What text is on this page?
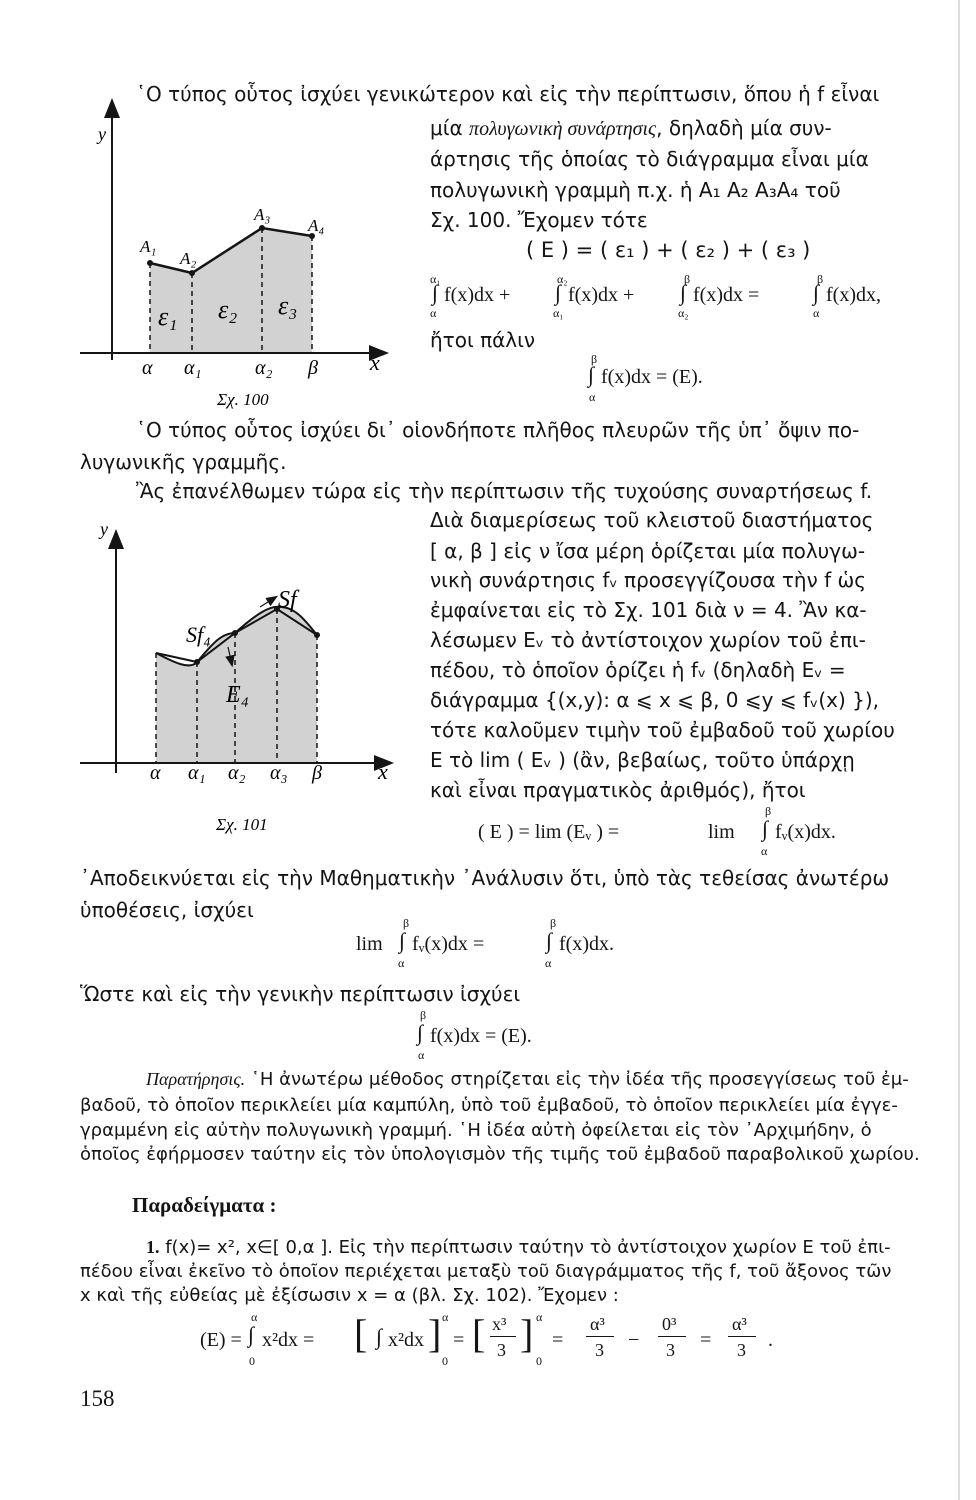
῾Ο τύπος οὗτος ἰσχύει γενικώτερον καὶ εἰς τὴν περίπτωσιν, ὅπου ἡ f εἶναι
μία πολυγωνικὴ συνάρτησις, δηλαδὴ μία συν-
άρτησις τῆς ὁποίας τὸ διάγραμμα εἶναι μία
πολυγωνικὴ γραμμὴ π.χ. ἡ A₁ A₂ A₃A₄ τοῦ
Σχ. 100. Ἔχομεν τότε
( E ) = ( ε₁ ) + ( ε₂ ) + ( ε₃ )
α₁
∫
α
f(x)dx +
α₂
∫
α₁
f(x)dx +
β
∫
α₂
f(x)dx =
β
∫
α
f(x)dx,
ἤτοι πάλιν
β
∫
α
f(x)dx = (E).
y
x
A₁
A₂
A₃
A₄
ε₁ ε₂ ε₃
α α₁	α₂ β
Σχ. 100
῾Ο τύπος οὗτος ἰσχύει δι᾽ οἱονδήποτε πλῆθος πλευρῶν τῆς ὑπ᾽ ὄψιν πο-
λυγωνικῆς γραμμῆς.
Ἂς ἐπανέλθωμεν τώρα εἰς τὴν περίπτωσιν τῆς τυχούσης συναρτήσεως f.
Διὰ διαμερίσεως τοῦ κλειστοῦ διαστήματος
[ α, β ] εἰς ν ἴσα μέρη ὁρίζεται μία πολυγω-
νικὴ συνάρτησις fᵥ προσεγγίζουσα τὴν f ὡς
ἐμφαίνεται εἰς τὸ Σχ. 101 διὰ ν = 4. Ἂν κα-
λέσωμεν Eᵥ τὸ ἀντίστοιχον χωρίον τοῦ ἐπι-
πέδου, τὸ ὁποῖον ὁρίζει ἡ fᵥ (δηλαδὴ Eᵥ =
διάγραμμα {(x,y): α ⩽ x ⩽ β, 0 ⩽y ⩽ fᵥ(x) }),
τότε καλοῦμεν τιμὴν τοῦ ἐμβαδοῦ τοῦ χωρίου
E τὸ lim ( Eᵥ ) (ἂν, βεβαίως, τοῦτο ὑπάρχῃ
καὶ εἶναι πραγματικὸς ἀριθμός), ἤτοι
( E ) = lim (Eᵥ ) =	lim
β
∫
α
fᵥ(x)dx.
y
x
Sf
Sf₄
E₄
α α₁ α₂ α₃ β
Σχ. 101
᾽Αποδεικνύεται εἰς τὴν Μαθηματικὴν ᾽Ανάλυσιν ὅτι, ὑπὸ τὰς τεθείσας ἀνωτέρω
ὑποθέσεις, ἰσχύει
lim
β
∫
α
fᵥ(x)dx =
β
∫
α
f(x)dx.
Ὥστε καὶ εἰς τὴν γενικὴν περίπτωσιν ἰσχύει
β
∫
α
f(x)dx = (E).
Παρατήρησις. ῾Η ἀνωτέρω μέθοδος στηρίζεται εἰς τὴν ἰδέα τῆς προσεγγίσεως τοῦ ἐμ-
βαδοῦ, τὸ ὁποῖον περικλείει μία καμπύλη, ὑπὸ τοῦ ἐμβαδοῦ, τὸ ὁποῖον περικλείει μία ἐγγε-
γραμμένη εἰς αὐτὴν πολυγωνικὴ γραμμή. ῾Η ἰδέα αὐτὴ ὀφείλεται εἰς τὸν ᾽Αρχιμήδην, ὁ
ὁποῖος ἐφήρμοσεν ταύτην εἰς τὸν ὑπολογισμὸν τῆς τιμῆς τοῦ ἐμβαδοῦ παραβολικοῦ χωρίου.
Παραδείγματα :
1. f(x)= x², x∈[ 0,α ]. Εἰς τὴν περίπτωσιν ταύτην τὸ ἀντίστοιχον χωρίον E τοῦ ἐπι-
πέδου εἶναι ἐκεῖνο τὸ ὁποῖον περιέχεται μεταξὺ τοῦ διαγράμματος τῆς f, τοῦ ἄξονος τῶν
x καὶ τῆς εὐθείας μὲ ἐξίσωσιν x = α (βλ. Σχ. 102). Ἔχομεν :
(E) =
α
∫
0
x²dx = [ ∫ x²dx ] α
0
= [ x³
3 ] α
0
=
α³
3 −
0³
3 =
α³
3 .
158
